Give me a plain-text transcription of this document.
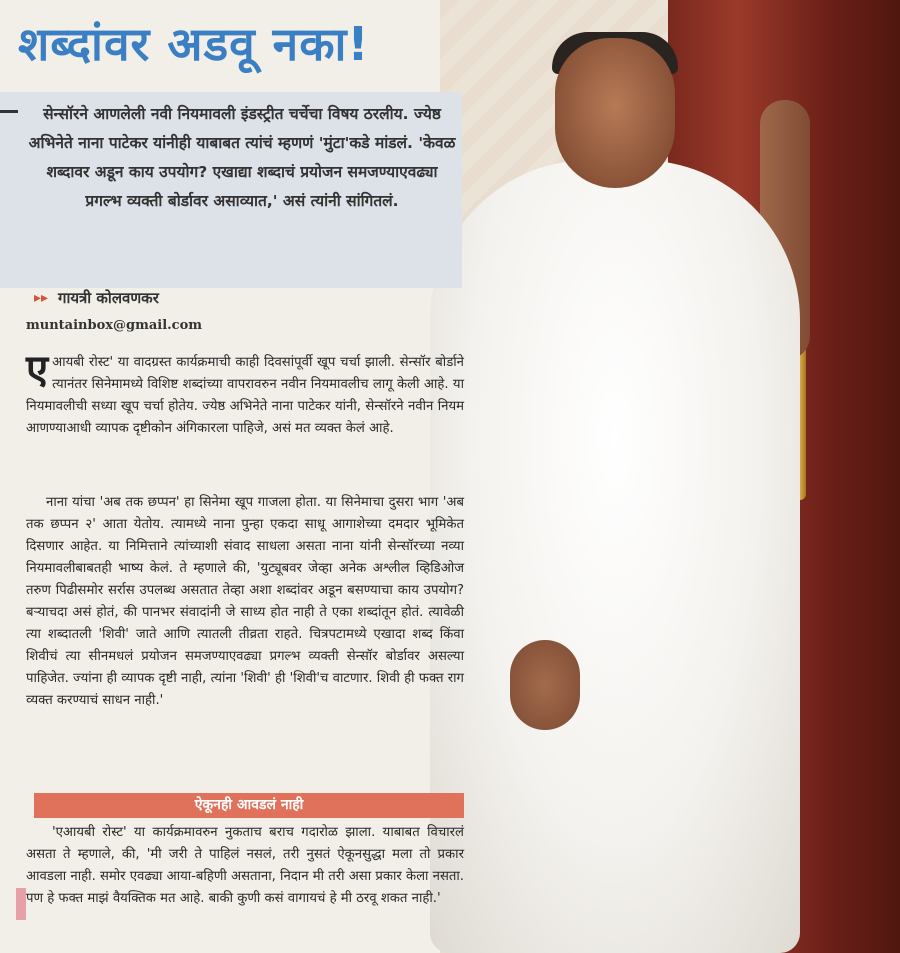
शब्दांवर अडवू नका!
सेन्सॉरने आणलेली नवी नियमावली इंडस्ट्रीत चर्चेचा विषय ठरलीय. ज्येष्ठ अभिनेते नाना पाटेकर यांनीही याबाबत त्यांचं म्हणणं 'मुंटा'कडे मांडलं. 'केवळ शब्दावर अडून काय उपयोग? एखाद्या शब्दाचं प्रयोजन समजण्याएवढ्या प्रगल्भ व्यक्ती बोर्डावर असाव्यात,' असं त्यांनी सांगितलं.
▸▸ गायत्री कोलवणकर
muntainbox@gmail.com

एआयबी रोस्ट' या वादग्रस्त कार्यक्रमाची काही दिवसांपूर्वी खूप चर्चा झाली. सेन्सॉर बोर्डाने त्यानंतर सिनेमामध्ये विशिष्ट शब्दांच्या वापरावरुन नवीन नियमावलीच लागू केली आहे. या नियमावलीची सध्या खूप चर्चा होतेय. ज्येष्ठ अभिनेते नाना पाटेकर यांनी, सेन्सॉरने नवीन नियम आणण्याआधी व्यापक दृष्टीकोन अंगिकारला पाहिजे, असं मत व्यक्त केलं आहे.

नाना यांचा 'अब तक छप्पन' हा सिनेमा खूप गाजला होता. या सिनेमाचा दुसरा भाग 'अब तक छप्पन २' आता येतोय. त्यामध्ये नाना पुन्हा एकदा साधू आगाशेच्या दमदार भूमिकेत दिसणार आहेत. या निमित्ताने त्यांच्याशी संवाद साधला असता नाना यांनी सेन्सॉरच्या नव्या नियमावलीबाबतही भाष्य केलं. ते म्हणाले की, 'युट्यूबवर जेव्हा अनेक अश्लील व्हिडिओज तरुण पिढीसमोर सर्रास उपलब्ध असतात तेव्हा अशा शब्दांवर अडून बसण्याचा काय उपयोग? बऱ्याचदा असं होतं, की पानभर संवादांनी जे साध्य होत नाही ते एका शब्दांतून होतं. त्यावेळी त्या शब्दातली 'शिवी' जाते आणि त्यातली तीव्रता राहते. चित्रपटामध्ये एखादा शब्द किंवा शिवीचं त्या सीनमधलं प्रयोजन समजण्याएवढ्या प्रगल्भ व्यक्ती सेन्सॉर बोर्डावर असल्या पाहिजेत. ज्यांना ही व्यापक दृष्टी नाही, त्यांना 'शिवी' ही 'शिवी'च वाटणार. शिवी ही फक्त राग व्यक्त करण्याचं साधन नाही.'

ऐकूनही आवडलं नाही

'एआयबी रोस्ट' या कार्यक्रमावरुन नुकताच बराच गदारोळ झाला. याबाबत विचारलं असता ते म्हणाले, की, 'मी जरी ते पाहिलं नसलं, तरी नुसतं ऐकूनसुद्धा मला तो प्रकार आवडला नाही. समोर एवढ्या आया-बहिणी असताना, निदान मी तरी असा प्रकार केला नसता. पण हे फक्त माझं वैयक्तिक मत आहे. बाकी कुणी कसं वागायचं हे मी ठरवू शकत नाही.'
